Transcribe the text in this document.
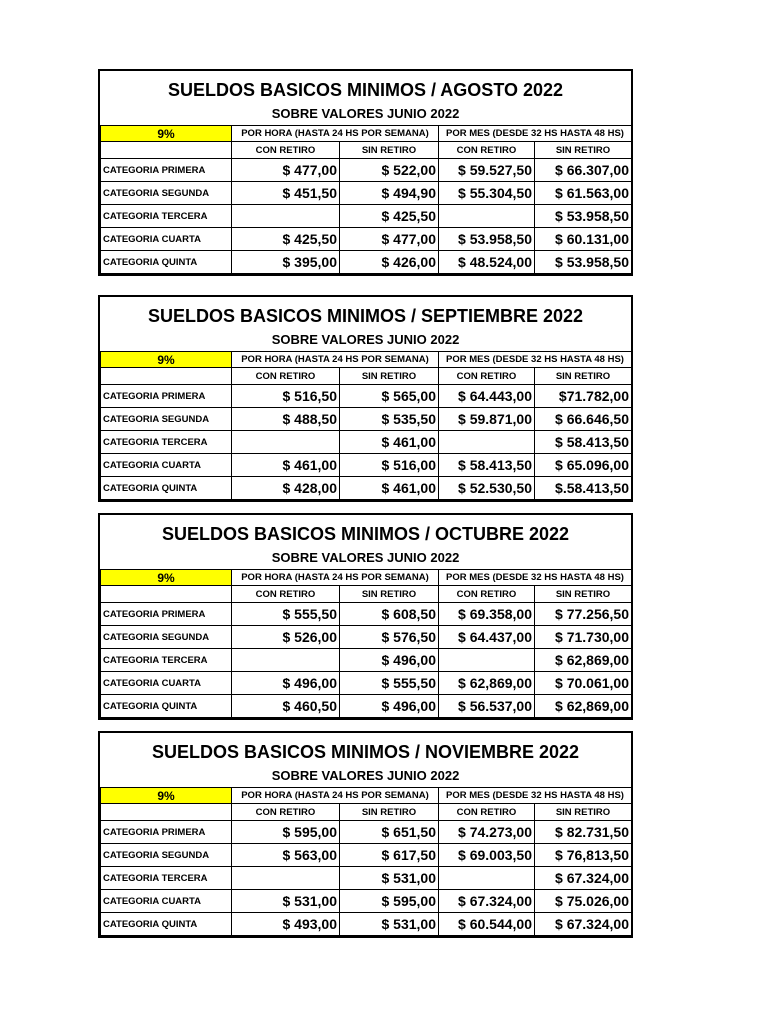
SUELDOS BASICOS MINIMOS / AGOSTO 2022
SOBRE VALORES JUNIO 2022
9%	POR HORA (HASTA 24 HS POR SEMANA)		POR MES (DESDE 32 HS HASTA 48 HS)	
	CON RETIRO	SIN RETIRO	CON RETIRO	SIN RETIRO
CATEGORIA PRIMERA	$ 477,00	$ 522,00	$ 59.527,50	$ 66.307,00
CATEGORIA SEGUNDA	$ 451,50	$ 494,90	$ 55.304,50	$ 61.563,00
CATEGORIA TERCERA		$ 425,50		$ 53.958,50
CATEGORIA CUARTA	$ 425,50	$ 477,00	$ 53.958,50	$ 60.131,00
CATEGORIA QUINTA	$ 395,00	$ 426,00	$ 48.524,00	$ 53.958,50
SUELDOS BASICOS MINIMOS / SEPTIEMBRE 2022
SOBRE VALORES JUNIO 2022
9%	POR HORA (HASTA 24 HS POR SEMANA)		POR MES (DESDE 32 HS HASTA 48 HS)	
	CON RETIRO	SIN RETIRO	CON RETIRO	SIN RETIRO
CATEGORIA PRIMERA	$ 516,50	$ 565,00	$ 64.443,00	$71.782,00
CATEGORIA SEGUNDA	$ 488,50	$ 535,50	$ 59.871,00	$ 66.646,50
CATEGORIA TERCERA		$ 461,00		$ 58.413,50
CATEGORIA CUARTA	$ 461,00	$ 516,00	$ 58.413,50	$ 65.096,00
CATEGORIA QUINTA	$ 428,00	$ 461,00	$ 52.530,50	$.58.413,50
SUELDOS BASICOS MINIMOS / OCTUBRE 2022
SOBRE VALORES JUNIO 2022
9%	POR HORA (HASTA 24 HS POR SEMANA)		POR MES (DESDE 32 HS HASTA 48 HS)	
	CON RETIRO	SIN RETIRO	CON RETIRO	SIN RETIRO
CATEGORIA PRIMERA	$ 555,50	$ 608,50	$ 69.358,00	$ 77.256,50
CATEGORIA SEGUNDA	$ 526,00	$ 576,50	$ 64.437,00	$ 71.730,00
CATEGORIA TERCERA		$ 496,00		$ 62,869,00
CATEGORIA CUARTA	$ 496,00	$ 555,50	$ 62,869,00	$ 70.061,00
CATEGORIA QUINTA	$ 460,50	$ 496,00	$ 56.537,00	$ 62,869,00
SUELDOS BASICOS MINIMOS / NOVIEMBRE 2022
SOBRE VALORES JUNIO 2022
9%	POR HORA (HASTA 24 HS POR SEMANA)		POR MES (DESDE 32 HS HASTA 48 HS)	
	CON RETIRO	SIN RETIRO	CON RETIRO	SIN RETIRO
CATEGORIA PRIMERA	$ 595,00	$ 651,50	$ 74.273,00	$ 82.731,50
CATEGORIA SEGUNDA	$ 563,00	$ 617,50	$ 69.003,50	$ 76,813,50
CATEGORIA TERCERA		$ 531,00		$ 67.324,00
CATEGORIA CUARTA	$ 531,00	$ 595,00	$ 67.324,00	$ 75.026,00
CATEGORIA QUINTA	$ 493,00	$ 531,00	$ 60.544,00	$ 67.324,00
